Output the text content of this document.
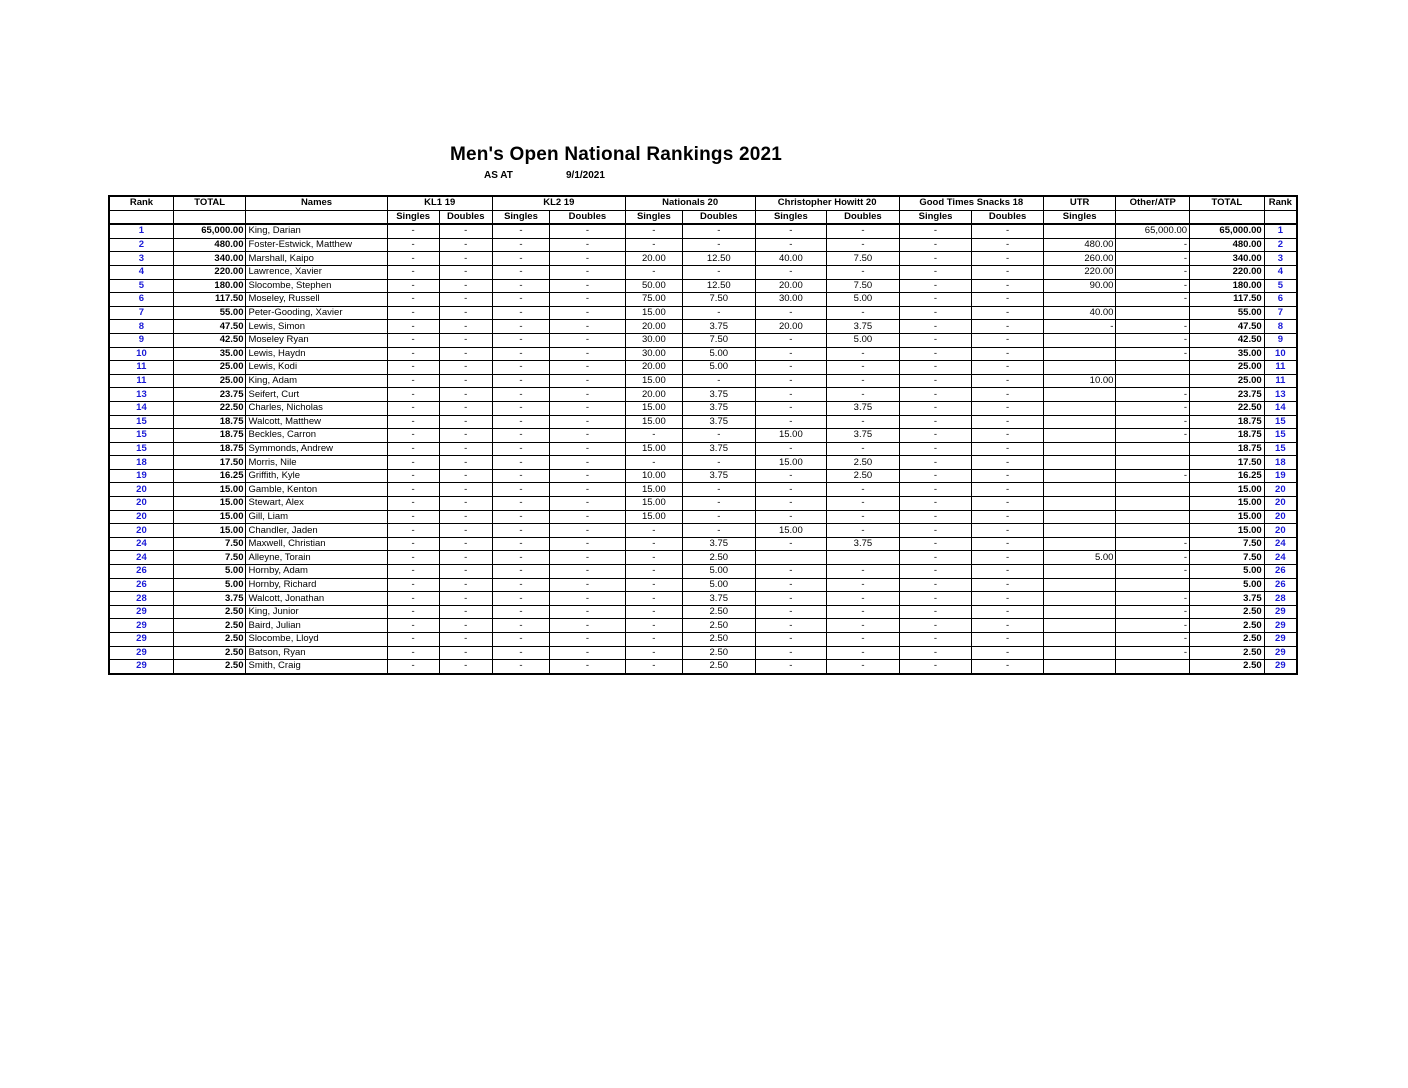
Men's Open National Rankings 2021
AS AT	9/1/2021
Rank	TOTAL	Names	KL1 19		KL2 19		Nationals 20		Christopher Howitt 20		Good Times Snacks 18		UTR	Other/ATP	TOTAL	Rank
			Singles	Doubles	Singles	Doubles	Singles	Doubles	Singles	Doubles	Singles	Doubles	Singles			
1	65,000.00	King, Darian	-	-	-	-	-	-	-	-	-	-		65,000.00	65,000.00	1
2	480.00	Foster-Estwick, Matthew	-	-	-	-	-	-	-	-	-	-	480.00	-	480.00	2
3	340.00	Marshall, Kaipo	-	-	-	-	20.00	12.50	40.00	7.50	-	-	260.00	-	340.00	3
4	220.00	Lawrence, Xavier	-	-	-	-	-	-	-	-	-	-	220.00	-	220.00	4
5	180.00	Slocombe, Stephen	-	-	-	-	50.00	12.50	20.00	7.50	-	-	90.00	-	180.00	5
6	117.50	Moseley, Russell	-	-	-	-	75.00	7.50	30.00	5.00	-	-		-	117.50	6
7	55.00	Peter-Gooding, Xavier	-	-	-	-	15.00	-	-	-	-	-	40.00		55.00	7
8	47.50	Lewis, Simon	-	-	-	-	20.00	3.75	20.00	3.75	-	-	-	-	47.50	8
9	42.50	Moseley Ryan	-	-	-	-	30.00	7.50	-	5.00	-	-		-	42.50	9
10	35.00	Lewis, Haydn	-	-	-	-	30.00	5.00	-	-	-	-		-	35.00	10
11	25.00	Lewis, Kodi	-	-	-	-	20.00	5.00	-	-	-	-			25.00	11
11	25.00	King, Adam	-	-	-	-	15.00	-	-	-	-	-	10.00		25.00	11
13	23.75	Seifert, Curt	-	-	-	-	20.00	3.75	-	-	-	-		-	23.75	13
14	22.50	Charles, Nicholas	-	-	-	-	15.00	3.75	-	3.75	-	-		-	22.50	14
15	18.75	Walcott, Matthew	-	-	-	-	15.00	3.75	-	-	-	-		-	18.75	15
15	18.75	Beckles, Carron	-	-	-	-	-	-	15.00	3.75	-	-		-	18.75	15
15	18.75	Symmonds, Andrew	-	-	-	-	15.00	3.75	-	-	-	-			18.75	15
18	17.50	Morris, Nile	-	-	-	-	-	-	15.00	2.50	-	-			17.50	18
19	16.25	Griffith, Kyle	-	-	-	-	10.00	3.75	-	2.50	-	-		-	16.25	19
20	15.00	Gamble, Kenton	-	-	-	-	15.00	-	-	-	-	-			15.00	20
20	15.00	Stewart, Alex	-	-	-	-	15.00	-	-	-	-	-			15.00	20
20	15.00	Gill, Liam	-	-	-	-	15.00	-	-	-	-	-			15.00	20
20	15.00	Chandler, Jaden	-	-	-	-	-	-	15.00	-	-	-			15.00	20
24	7.50	Maxwell, Christian	-	-	-	-	-	3.75	-	3.75	-	-		-	7.50	24
24	7.50	Alleyne, Torain	-	-	-	-	-	2.50			-	-	5.00	-	7.50	24
26	5.00	Hornby, Adam	-	-	-	-	-	5.00	-	-	-	-		-	5.00	26
26	5.00	Hornby, Richard	-	-	-	-	-	5.00	-	-	-	-			5.00	26
28	3.75	Walcott, Jonathan	-	-	-	-	-	3.75	-	-	-	-		-	3.75	28
29	2.50	King, Junior	-	-	-	-	-	2.50	-	-	-	-		-	2.50	29
29	2.50	Baird, Julian	-	-	-	-	-	2.50	-	-	-	-		-	2.50	29
29	2.50	Slocombe, Lloyd	-	-	-	-	-	2.50	-	-	-	-		-	2.50	29
29	2.50	Batson, Ryan	-	-	-	-	-	2.50	-	-	-	-		-	2.50	29
29	2.50	Smith, Craig	-	-	-	-	-	2.50	-	-	-	-			2.50	29
